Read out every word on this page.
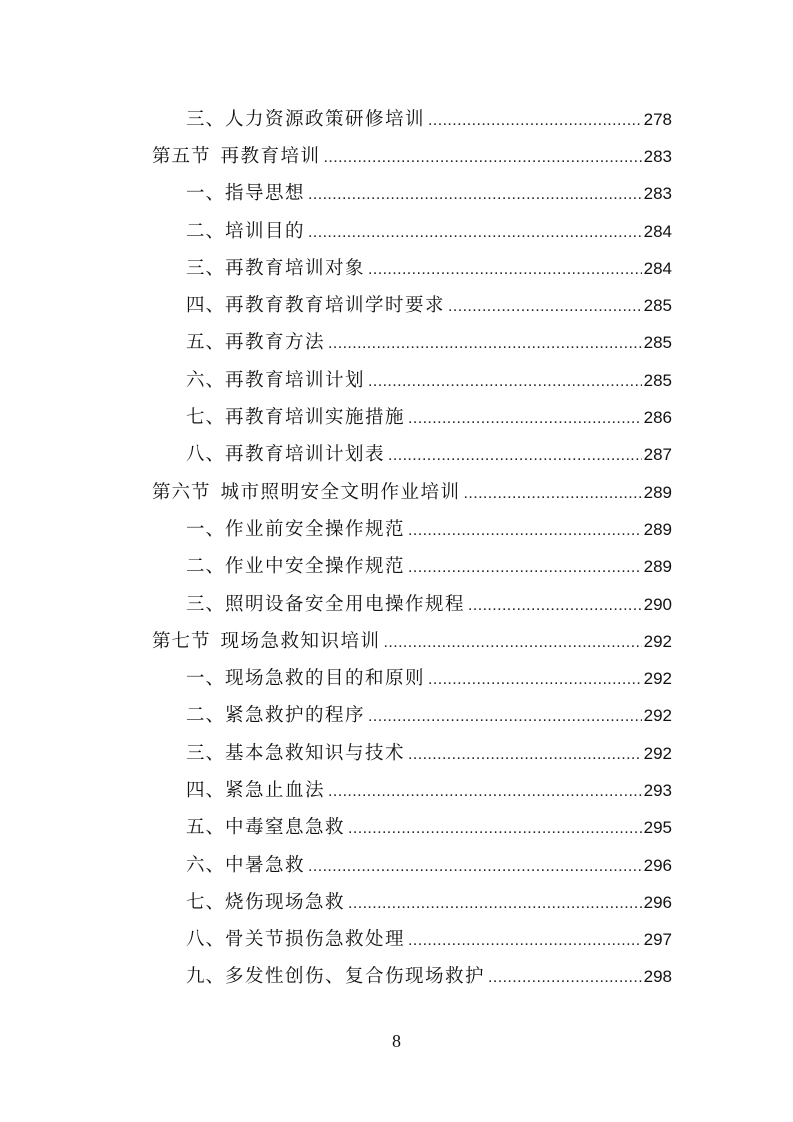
三、 人力资源政策研修培训 .....	278
第五节 再教育培训 .....	283
一、 指导思想 .....	283
二、 培训目的 .....	284
三、 再教育培训对象 .....	284
四、 再教育教育培训学时要求 .....	285
五、 再教育方法 .....	285
六、 再教育培训计划 .....	285
七、 再教育培训实施措施 .....	286
八、 再教育培训计划表 .....	287
第六节 城市照明安全文明作业培训 .....	289
一、 作业前安全操作规范 .....	289
二、 作业中安全操作规范 .....	289
三、 照明设备安全用电操作规程 .....	290
第七节 现场急救知识培训 .....	292
一、 现场急救的目的和原则 .....	292
二、 紧急救护的程序 .....	292
三、 基本急救知识与技术 .....	292
四、 紧急止血法 .....	293
五、 中毒窒息急救 .....	295
六、 中暑急救 .....	296
七、 烧伤现场急救 .....	296
八、 骨关节损伤急救处理 .....	297
九、 多发性创伤、复合伤现场救护 .....	298
8
